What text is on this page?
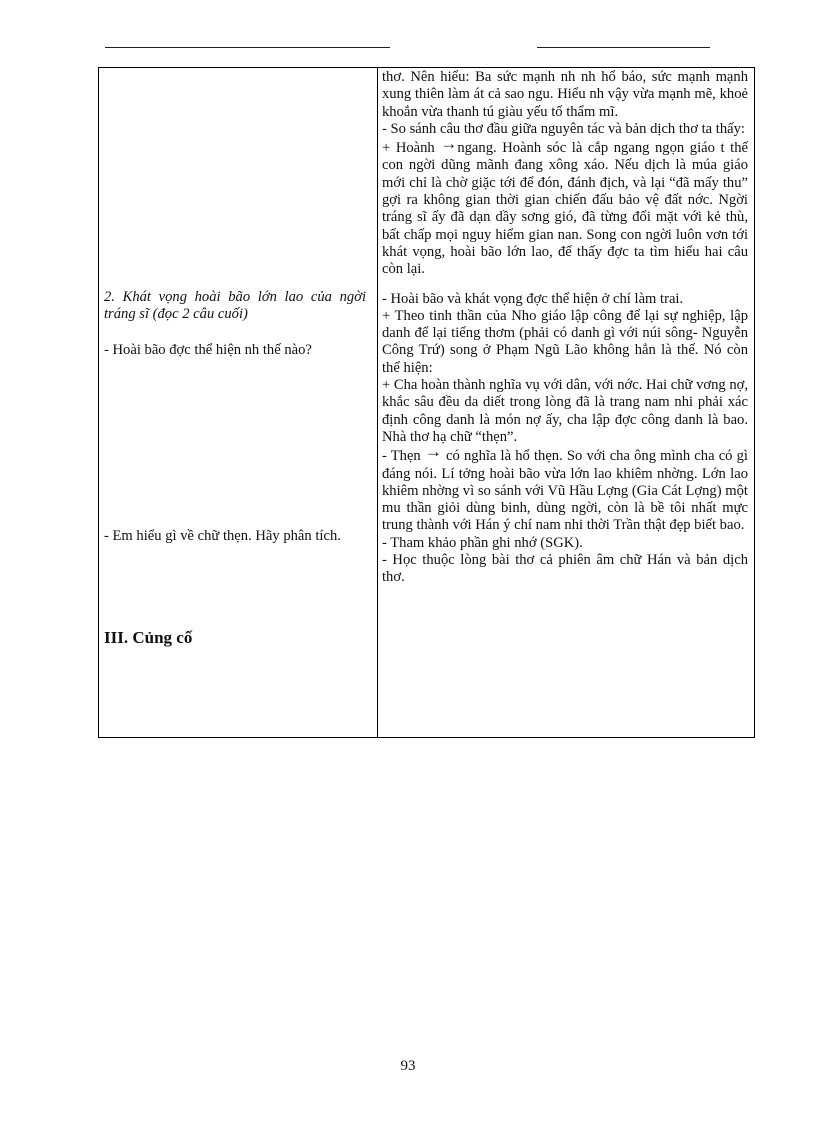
thơ. Nên hiểu: Ba sức mạnh nh nh hổ báo, sức mạnh mạnh xung thiên làm át cả sao ngu. Hiểu nh vậy vừa mạnh mẽ, khoẻ khoắn vừa thanh tú giàu yếu tố thẩm mĩ.

- So sánh câu thơ đầu giữa nguyên tác và bản dịch thơ ta thấy:

+ Hoành →ngang. Hoành sóc là cắp ngang ngọn giáo t thế con ngời dũng mãnh đang xông xáo. Nếu dịch là múa giáo mới chỉ là chờ giặc tới để đón, đánh địch, và lại “đã mấy thu” gợi ra không gian thời gian chiến đấu bảo vệ đất nớc. Ngời tráng sĩ ấy đã dạn dầy sơng gió, đã từng đối mặt với kẻ thù, bất chấp mọi nguy hiểm gian nan. Song con ngời luôn vơn tới khát vọng, hoài bão lớn lao, để thấy đợc ta tìm hiểu hai câu còn lại.

- Hoài bão và khát vọng đợc thể hiện ở chí làm trai.

+ Theo tinh thần của Nho giáo lập công để lại sự nghiệp, lập danh để lại tiếng thơm (phải có danh gì với núi sông- Nguyễn Công Trứ) song ở Phạm Ngũ Lão không hẳn là thế. Nó còn thể hiện:

+ Cha hoàn thành nghĩa vụ với dân, với nớc. Hai chữ vơng nợ, khắc sâu đều da diết trong lòng đã là trang nam nhi phải xác định công danh là món nợ ấy, cha lập đợc công danh là bao. Nhà thơ hạ chữ “thẹn”.

- Thẹn → có nghĩa là hổ thẹn. So với cha ông mình cha có gì đáng nói. Lí tởng hoài bão vừa lớn lao khiêm nhờng. Lớn lao khiêm nhờng vì so sánh với Vũ Hầu Lợng (Gia Cát Lợng) một mu thần giỏi dùng binh, dùng ngời, còn là bề tôi nhất mực trung thành với Hán ý chí nam nhi thời Trần thật đẹp biết bao.

- Tham khảo phần ghi nhớ (SGK).

- Học thuộc lòng bài thơ cả phiên âm chữ Hán và bản dịch thơ.

2. Khát vọng hoài bão lớn lao của ngời tráng sĩ (đọc 2 câu cuối)
- Hoài bão đợc thể hiện nh thế nào?
- Em hiểu gì về chữ thẹn. Hãy phân tích.
III. Củng cố
93
